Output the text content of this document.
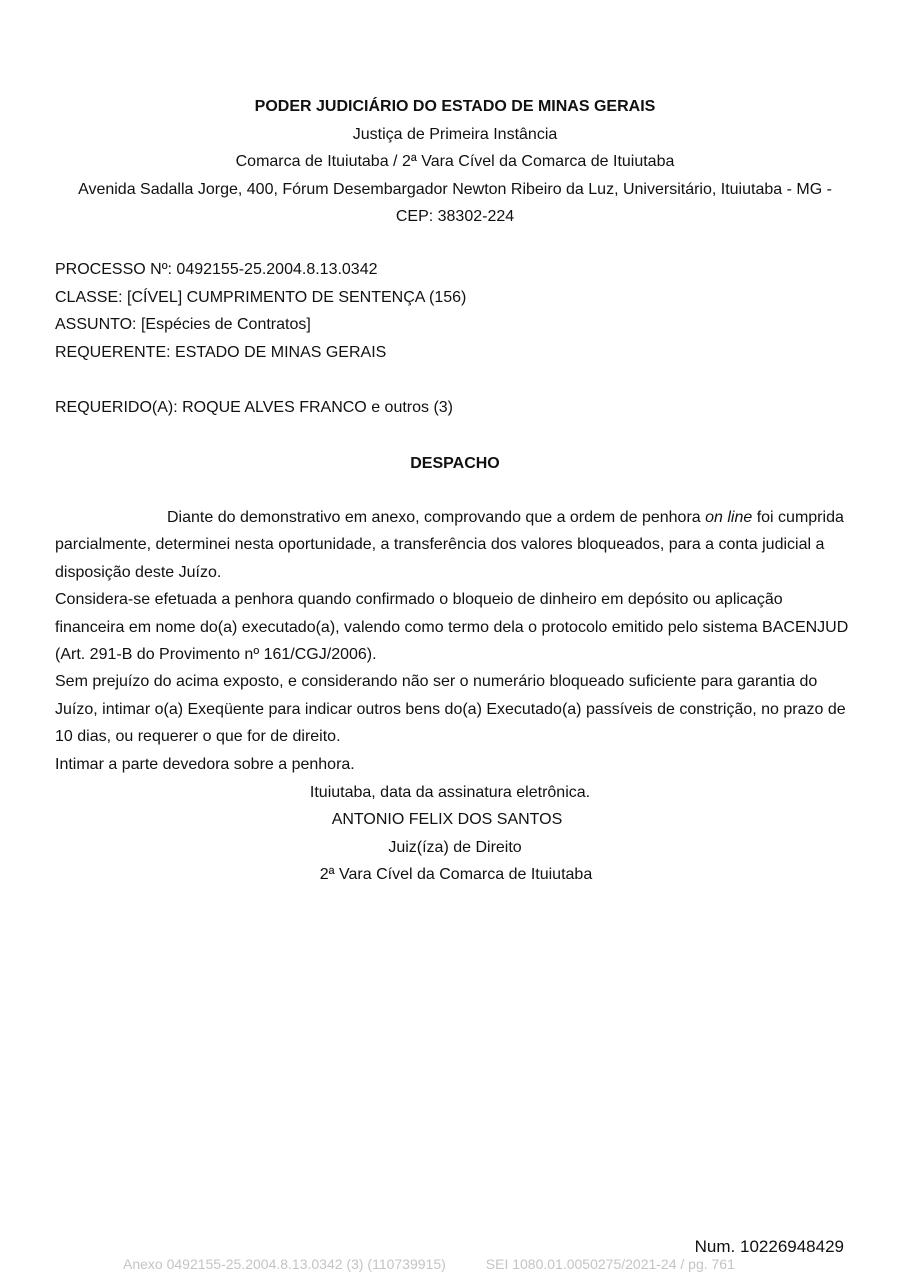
PODER JUDICIÁRIO DO ESTADO DE MINAS GERAIS
Justiça de Primeira Instância
Comarca de Ituiutaba / 2ª Vara Cível da Comarca de Ituiutaba
Avenida Sadalla Jorge, 400, Fórum Desembargador Newton Ribeiro da Luz, Universitário, Ituiutaba - MG -
CEP: 38302-224
PROCESSO Nº: 0492155-25.2004.8.13.0342
CLASSE: [CÍVEL] CUMPRIMENTO DE SENTENÇA (156)
ASSUNTO: [Espécies de Contratos]
REQUERENTE: ESTADO DE MINAS GERAIS
REQUERIDO(A): ROQUE ALVES FRANCO e outros (3)
DESPACHO

Diante do demonstrativo em anexo, comprovando que a ordem de penhora on line foi cumprida parcialmente, determinei nesta oportunidade, a transferência dos valores bloqueados, para a conta judicial a disposição deste Juízo.

Considera-se efetuada a penhora quando confirmado o bloqueio de dinheiro em depósito ou aplicação financeira em nome do(a) executado(a), valendo como termo dela o protocolo emitido pelo sistema BACENJUD (Art. 291-B do Provimento nº 161/CGJ/2006).

Sem prejuízo do acima exposto, e considerando não ser o numerário bloqueado suficiente para garantia do Juízo, intimar o(a) Exeqüente para indicar outros bens do(a) Executado(a) passíveis de constrição, no prazo de 10 dias, ou requerer o que for de direito.

Intimar a parte devedora sobre a penhora.

Ituiutaba, data da assinatura eletrônica.
ANTONIO FELIX DOS SANTOS
Juiz(íza) de Direito
2ª Vara Cível da Comarca de Ituiutaba
Num. 10226948429
Anexo 0492155-25.2004.8.13.0342 (3) (110739915)	SEI 1080.01.0050275/2021-24 / pg. 761
